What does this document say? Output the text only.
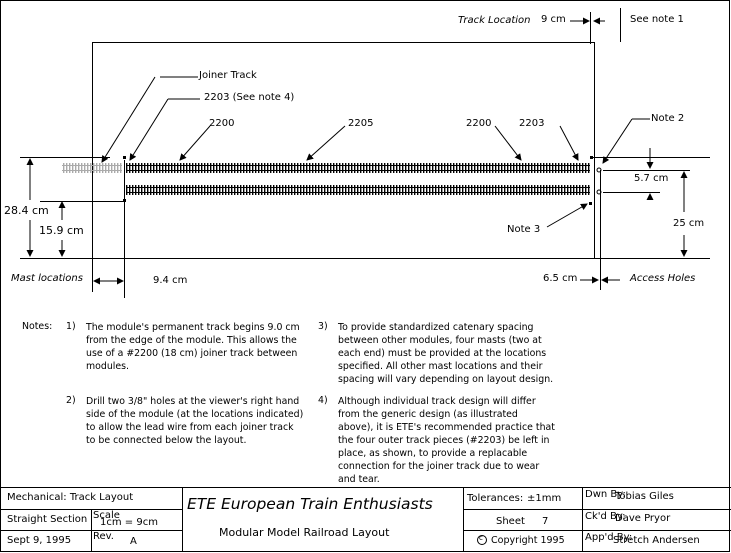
Track Location 9 cm	See note 1
Joiner Track
2203 (See note 4)
2200	2205	2200	2203	Note 2
5.7 cm
28.4 cm
15.9 cm
25 cm
Note 3
Mast locations	9.4 cm	6.5 cm	Access Holes
Notes: 1) The module's permanent track begins 9.0 cm from the edge of the module. This allows the use of a #2200 (18 cm) joiner track between modules.
2) Drill two 3/8" holes at the viewer's right hand side of the module (at the locations indicated) to allow the lead wire from each joiner track to be connected below the layout.
3) To provide standardized catenary spacing between other modules, four masts (two at each end) must be provided at the locations specified. All other mast locations and their spacing will vary depending on layout design.
4) Although individual track design will differ from the generic design (as illustrated above), it is ETE's recommended practice that the four outer track pieces (#2203) be left in place, as shown, to provide a replacable connection for the joiner track due to wear and tear.
Mechanical: Track Layout
Straight Section Scale
1cm = 9cm
Sept 9, 1995 Rev. A
ETE European Train Enthusiasts
Modular Model Railroad Layout
Tolerances: ±1mm
Sheet 7
c Copyright 1995
Dwn By:
Tobias Giles
Ck'd By:
Dave Pryor
App'd By:
Stretch Andersen
